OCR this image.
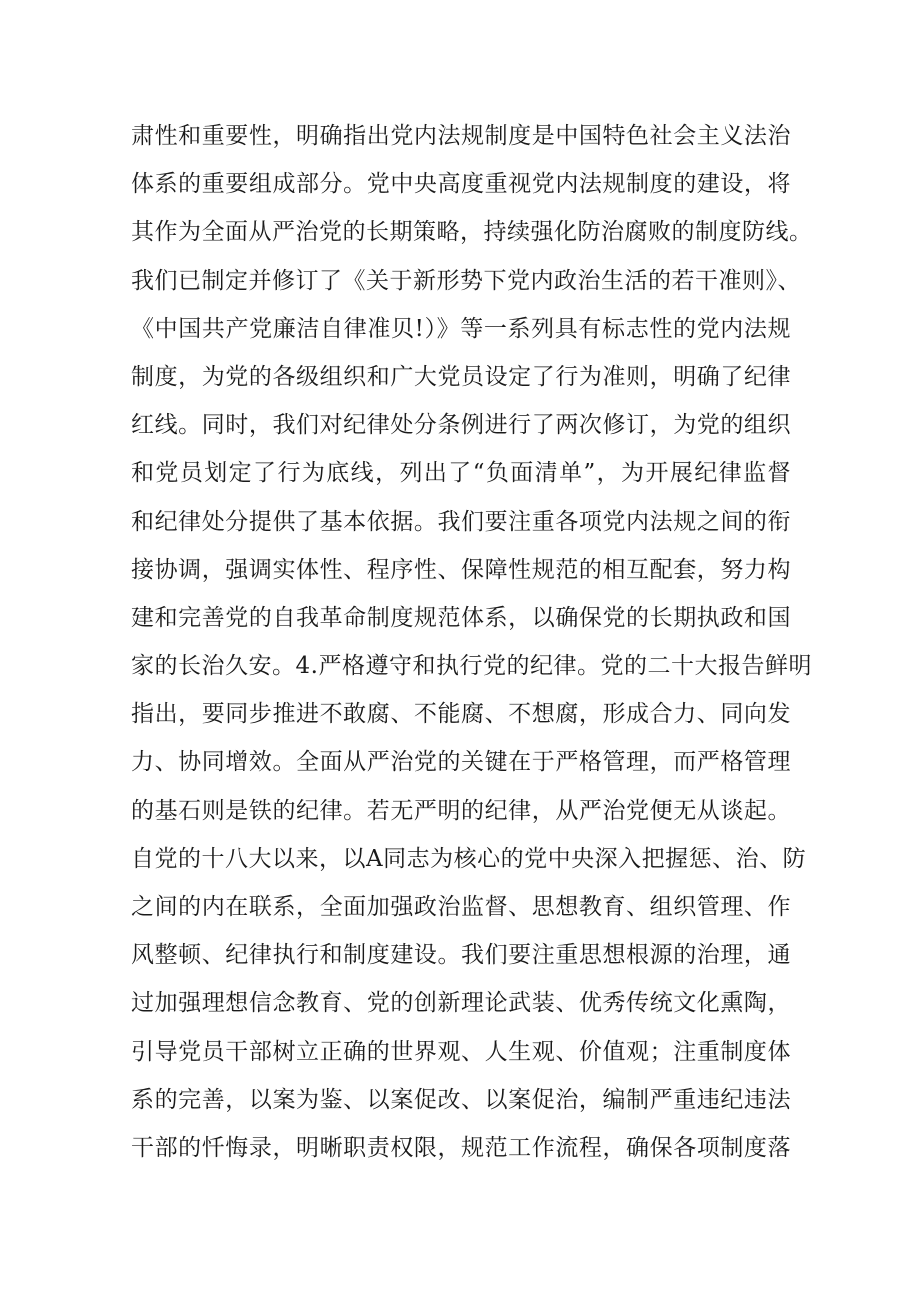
肃性和重要性，明确指出党内法规制度是中国特色社会主义法治
体系的重要组成部分。党中央高度重视党内法规制度的建设，将
其作为全面从严治党的长期策略，持续强化防治腐败的制度防线。
我们已制定并修订了《关于新形势下党内政治生活的若干准则》、
《中国共产党廉洁自律准贝!）》等一系列具有标志性的党内法规
制度，为党的各级组织和广大党员设定了行为准则，明确了纪律
红线。同时，我们对纪律处分条例进行了两次修订，为党的组织
和党员划定了行为底线，列出了“负面清单”，为开展纪律监督
和纪律处分提供了基本依据。我们要注重各项党内法规之间的衔
接协调，强调实体性、程序性、保障性规范的相互配套，努力构
建和完善党的自我革命制度规范体系，以确保党的长期执政和国
家的长治久安。4.严格遵守和执行党的纪律。党的二十大报告鲜明
指出，要同步推进不敢腐、不能腐、不想腐，形成合力、同向发
力、协同增效。全面从严治党的关键在于严格管理，而严格管理
的基石则是铁的纪律。若无严明的纪律，从严治党便无从谈起。
自党的十八大以来，以A同志为核心的党中央深入把握惩、治、防
之间的内在联系，全面加强政治监督、思想教育、组织管理、作
风整顿、纪律执行和制度建设。我们要注重思想根源的治理，通
过加强理想信念教育、党的创新理论武装、优秀传统文化熏陶，
引导党员干部树立正确的世界观、人生观、价值观；注重制度体
系的完善，以案为鉴、以案促改、以案促治，编制严重违纪违法
干部的忏悔录，明晰职责权限，规范工作流程，确保各项制度落
